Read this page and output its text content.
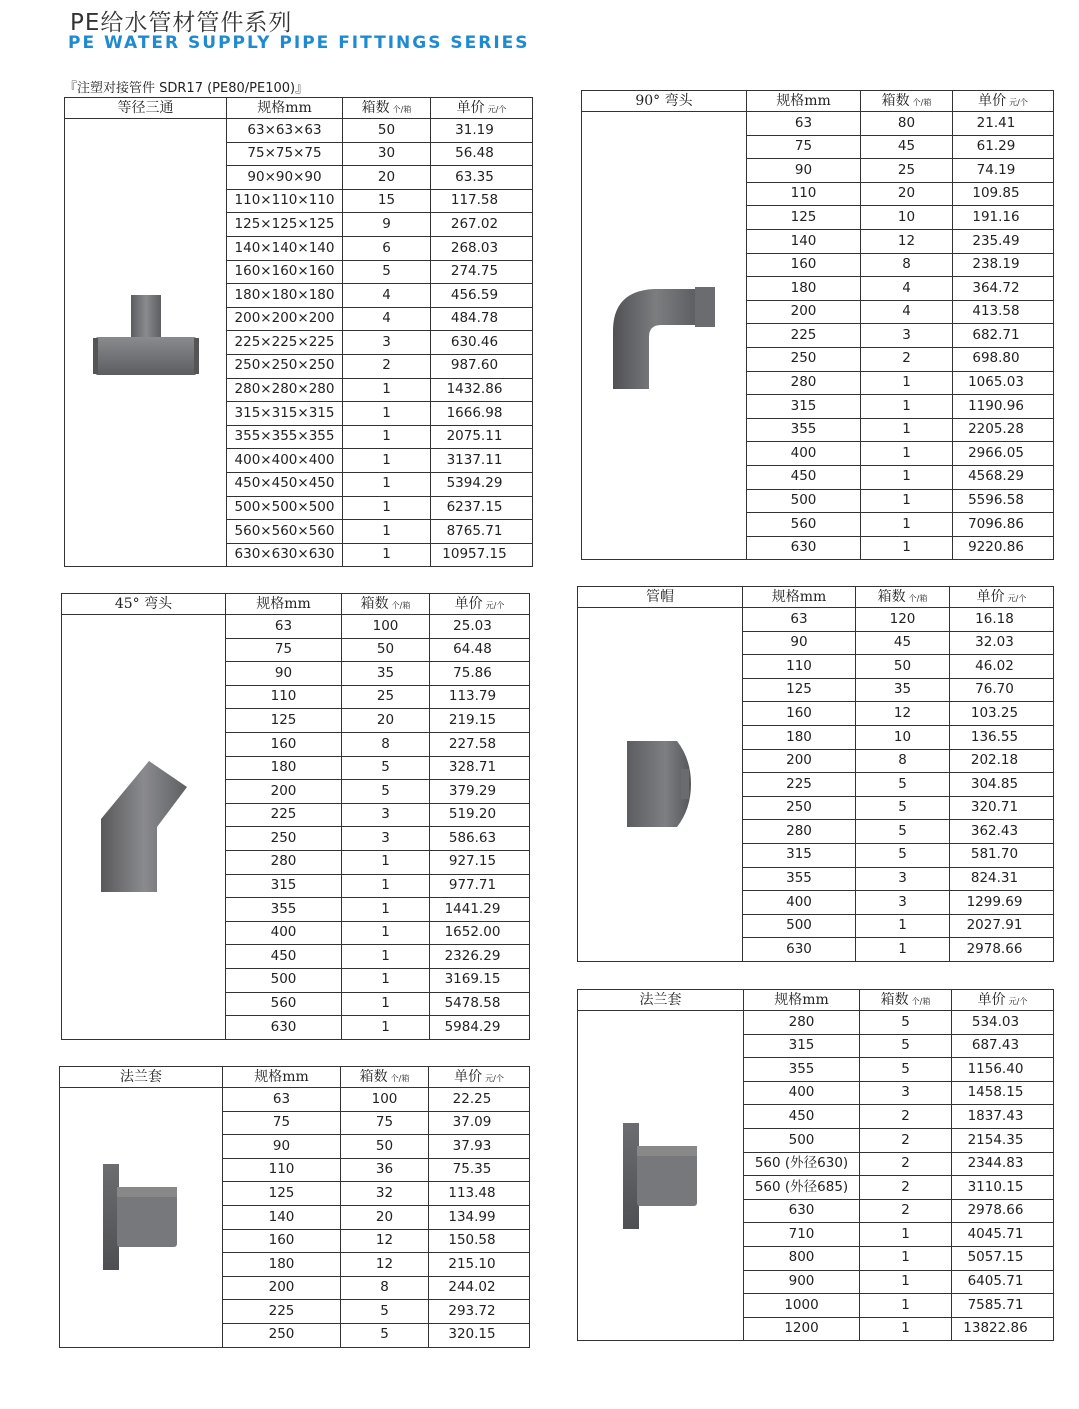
PE给水管材管件系列
PE WATER SUPPLY PIPE FITTINGS SERIES
『注塑对接管件 SDR17 (PE80/PE100)』
等径三通	规格mm	箱数 个/箱	单价 元/个

	63×63×63	50	31.19
	75×75×75	30	56.48
	90×90×90	20	63.35
	110×110×110	15	117.58
	125×125×125	9	267.02
	140×140×140	6	268.03
	160×160×160	5	274.75
	180×180×180	4	456.59
	200×200×200	4	484.78
	225×225×225	3	630.46
	250×250×250	2	987.60
	280×280×280	1	1432.86
	315×315×315	1	1666.98
	355×355×355	1	2075.11
	400×400×400	1	3137.11
	450×450×450	1	5394.29
	500×500×500	1	6237.15
	560×560×560	1	8765.71
	630×630×630	1	10957.15
90° 弯头	规格mm	箱数 个/箱	单价 元/个

	63	80	21.41
	75	45	61.29
	90	25	74.19
	110	20	109.85
	125	10	191.16
	140	12	235.49
	160	8	238.19
	180	4	364.72
	200	4	413.58
	225	3	682.71
	250	2	698.80
	280	1	1065.03
	315	1	1190.96
	355	1	2205.28
	400	1	2966.05
	450	1	4568.29
	500	1	5596.58
	560	1	7096.86
	630	1	9220.86
45° 弯头	规格mm	箱数 个/箱	单价 元/个

	63	100	25.03
	75	50	64.48
	90	35	75.86
	110	25	113.79
	125	20	219.15
	160	8	227.58
	180	5	328.71
	200	5	379.29
	225	3	519.20
	250	3	586.63
	280	1	927.15
	315	1	977.71
	355	1	1441.29
	400	1	1652.00
	450	1	2326.29
	500	1	3169.15
	560	1	5478.58
	630	1	5984.29
管帽	规格mm	箱数 个/箱	单价 元/个

	63	120	16.18
	90	45	32.03
	110	50	46.02
	125	35	76.70
	160	12	103.25
	180	10	136.55
	200	8	202.18
	225	5	304.85
	250	5	320.71
	280	5	362.43
	315	5	581.70
	355	3	824.31
	400	3	1299.69
	500	1	2027.91
	630	1	2978.66
法兰套	规格mm	箱数 个/箱	单价 元/个

	63	100	22.25
	75	75	37.09
	90	50	37.93
	110	36	75.35
	125	32	113.48
	140	20	134.99
	160	12	150.58
	180	12	215.10
	200	8	244.02
	225	5	293.72
	250	5	320.15
法兰套	规格mm	箱数 个/箱	单价 元/个

	280	5	534.03
	315	5	687.43
	355	5	1156.40
	400	3	1458.15
	450	2	1837.43
	500	2	2154.35
	560 (外径630)	2	2344.83
	560 (外径685)	2	3110.15
	630	2	2978.66
	710	1	4045.71
	800	1	5057.15
	900	1	6405.71
	1000	1	7585.71
	1200	1	13822.86
